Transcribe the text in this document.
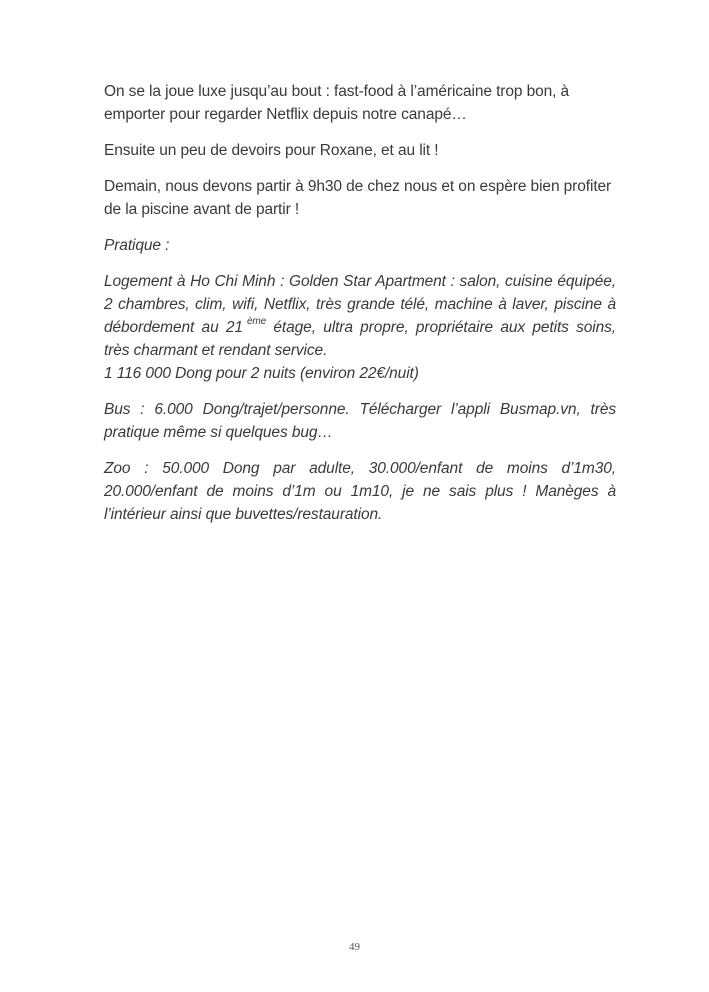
On se la joue luxe jusqu’au bout : fast-food à l’américaine trop bon, à emporter pour regarder Netflix depuis notre canapé…

Ensuite un peu de devoirs pour Roxane, et au lit !

Demain, nous devons partir à 9h30 de chez nous et on espère bien profiter de la piscine avant de partir !

Pratique :

Logement à Ho Chi Minh : Golden Star Apartment : salon, cuisine équipée, 2 chambres, clim, wifi, Netflix, très grande télé, machine à laver, piscine à débordement au 21 $^{ème}$ étage, ultra propre, propriétaire aux petits soins, très charmant et rendant service.
1 116 000 Dong pour 2 nuits (environ 22€/nuit)

Bus : 6.000 Dong/trajet/personne. Télécharger l’appli Busmap.vn, très pratique même si quelques bug…

Zoo : 50.000 Dong par adulte, 30.000/enfant de moins d’1m30, 20.000/enfant de moins d’1m ou 1m10, je ne sais plus ! Manèges à l’intérieur ainsi que buvettes/restauration.

49
